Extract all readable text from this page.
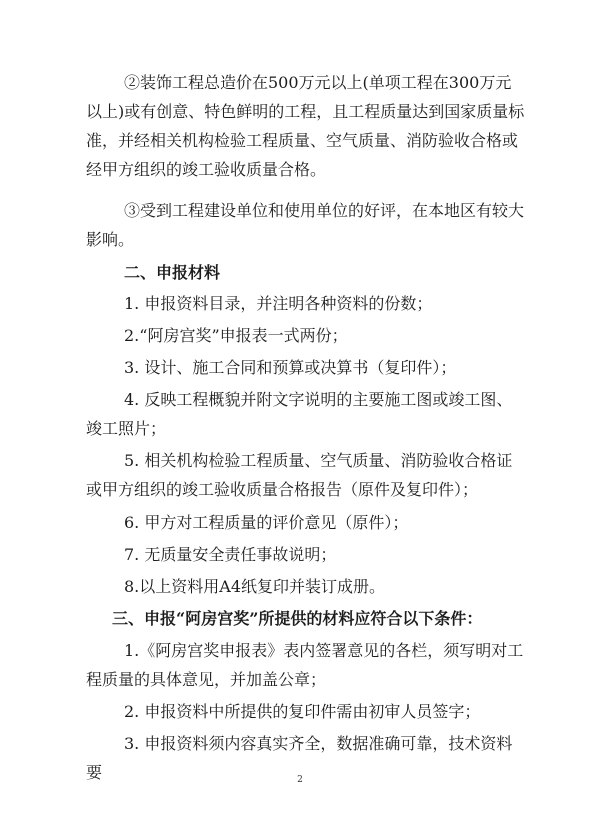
②装饰工程总造价在500万元以上(单项工程在300万元以上)或有创意、特色鲜明的工程，且工程质量达到国家质量标准，并经相关机构检验工程质量、空气质量、消防验收合格或经甲方组织的竣工验收质量合格。

③受到工程建设单位和使用单位的好评，在本地区有较大影响。

二、申报材料

1. 申报资料目录，并注明各种资料的份数；

2.“阿房宫奖”申报表一式两份；

3. 设计、施工合同和预算或决算书（复印件）；

4. 反映工程概貌并附文字说明的主要施工图或竣工图、竣工照片；

5. 相关机构检验工程质量、空气质量、消防验收合格证或甲方组织的竣工验收质量合格报告（原件及复印件）；

6. 甲方对工程质量的评价意见（原件）；

7. 无质量安全责任事故说明；

8.以上资料用A4纸复印并装订成册。

三、申报“阿房宫奖”所提供的材料应符合以下条件：

1.《阿房宫奖申报表》表内签署意见的各栏，须写明对工程质量的具体意见，并加盖公章；

2. 申报资料中所提供的复印件需由初审人员签字；

3. 申报资料须内容真实齐全，数据准确可靠，技术资料要	2
